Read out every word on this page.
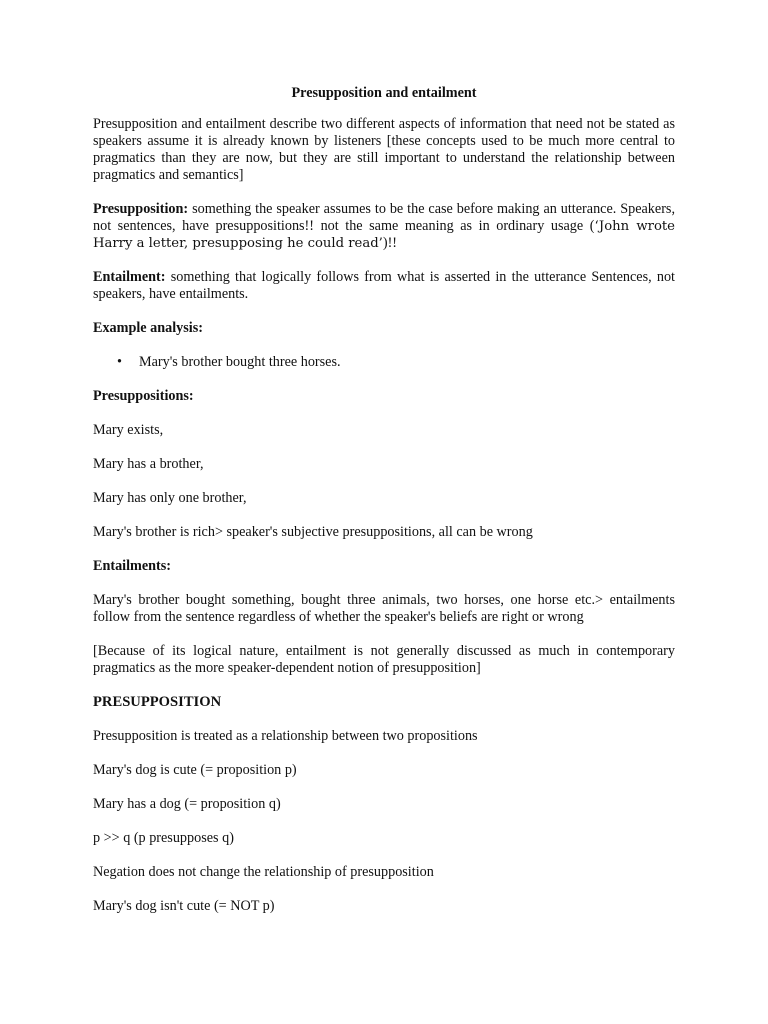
Presupposition and entailment

Presupposition and entailment describe two different aspects of information that need not be stated as speakers assume it is already known by listeners [these concepts used to be much more central to pragmatics than they are now, but they are still important to understand the relationship between pragmatics and semantics]

Presupposition: something the speaker assumes to be the case before making an utterance. Speakers, not sentences, have presuppositions!! not the same meaning as in ordinary usage (‘John wrote Harry a letter, presupposing he could read’)!!

Entailment: something that logically follows from what is asserted in the utterance Sentences, not speakers, have entailments.

Example analysis:

• Mary's brother bought three horses.

Presuppositions:

Mary exists,

Mary has a brother,

Mary has only one brother,

Mary's brother is rich> speaker's subjective presuppositions, all can be wrong

Entailments:

Mary's brother bought something, bought three animals, two horses, one horse etc.> entailments follow from the sentence regardless of whether the speaker's beliefs are right or wrong

[Because of its logical nature, entailment is not generally discussed as much in contemporary pragmatics as the more speaker-dependent notion of presupposition]

PRESUPPOSITION

Presupposition is treated as a relationship between two propositions

Mary's dog is cute (= proposition p)

Mary has a dog (= proposition q)

p >> q (p presupposes q)

Negation does not change the relationship of presupposition

Mary's dog isn't cute (= NOT p)
